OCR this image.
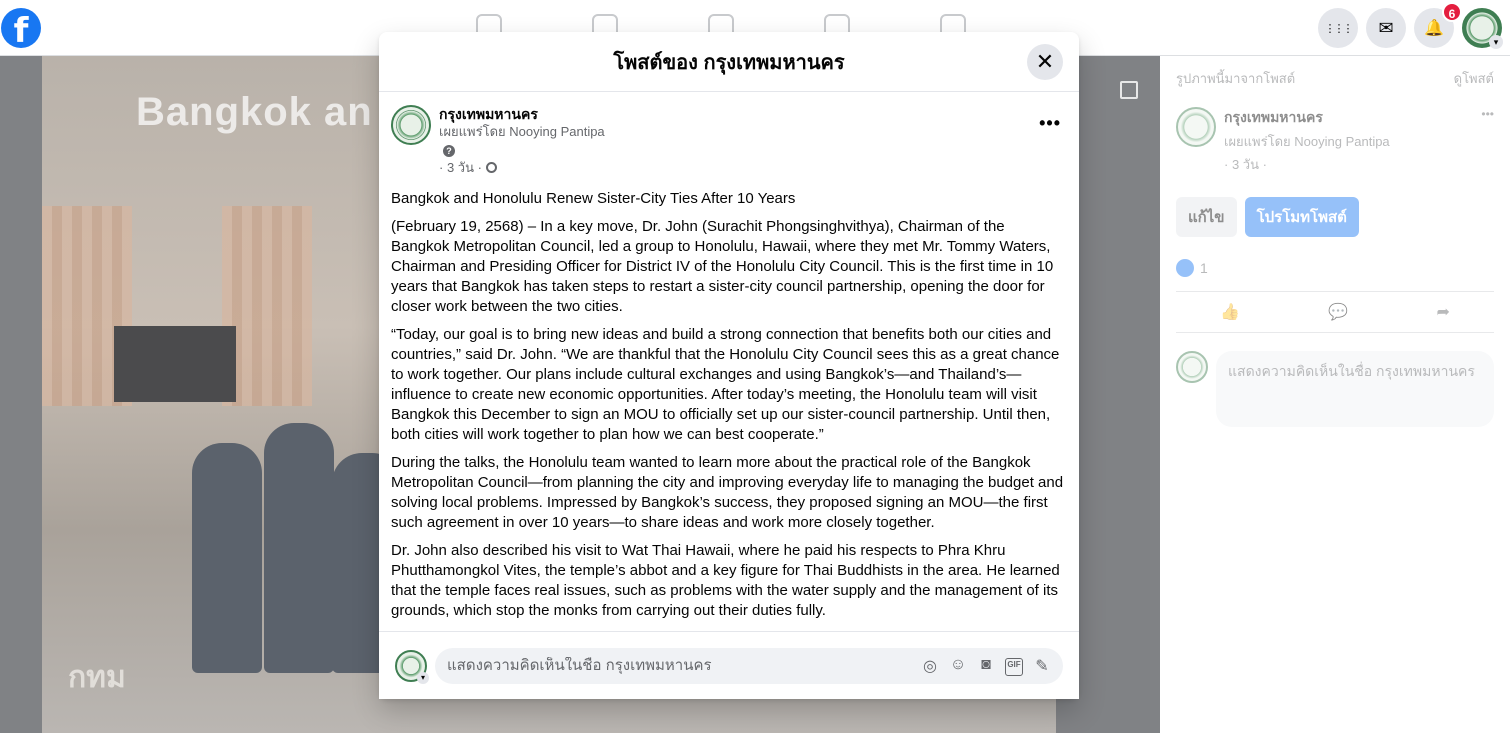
f	⋮⋮⋮ ✉ 🔔
6
▾
Bangkok an
กทม
รูปภาพนี้มาจากโพสต์	ดูโพสต์
กรุงเทพมหานคร
เผยแพร่โดย Nooying Pantipa
· 3 วัน ·
•••
แก้ไข	โปรโมทโพสต์
1
👍	💬	➦
แสดงความคิดเห็นในชื่อ กรุงเทพมหานคร
โพสต์ของ กรุงเทพมหานคร	✕
กรุงเทพมหานคร
เผยแพร่โดย Nooying Pantipa
?
· 3 วัน ·
•••

Bangkok and Honolulu Renew Sister-City Ties After 10 Years

(February 19, 2568) – In a key move, Dr. John (Surachit Phongsinghvithya), Chairman of the Bangkok Metropolitan Council, led a group to Honolulu, Hawaii, where they met Mr. Tommy Waters, Chairman and Presiding Officer for District IV of the Honolulu City Council. This is the first time in 10 years that Bangkok has taken steps to restart a sister-city council partnership, opening the door for closer work between the two cities.

“Today, our goal is to bring new ideas and build a strong connection that benefits both our cities and countries,” said Dr. John. “We are thankful that the Honolulu City Council sees this as a great chance to work together. Our plans include cultural exchanges and using Bangkok’s—and Thailand’s—influence to create new economic opportunities. After today’s meeting, the Honolulu team will visit Bangkok this December to sign an MOU to officially set up our sister-council partnership. Until then, both cities will work together to plan how we can best cooperate.”

During the talks, the Honolulu team wanted to learn more about the practical role of the Bangkok Metropolitan Council—from planning the city and improving everyday life to managing the budget and solving local problems. Impressed by Bangkok’s success, they proposed signing an MOU—the first such agreement in over 10 years—to share ideas and work more closely together.

Dr. John also described his visit to Wat Thai Hawaii, where he paid his respects to Phra Khru Phutthamongkol Vites, the temple’s abbot and a key figure for Thai Buddhists in the area. He learned that the temple faces real issues, such as problems with the water supply and the management of its grounds, which stop the monks from carrying out their duties fully.

▾
แสดงความคิดเห็นในชื่อ กรุงเทพมหานคร
◎ ☺ ◙	GIF ✎
